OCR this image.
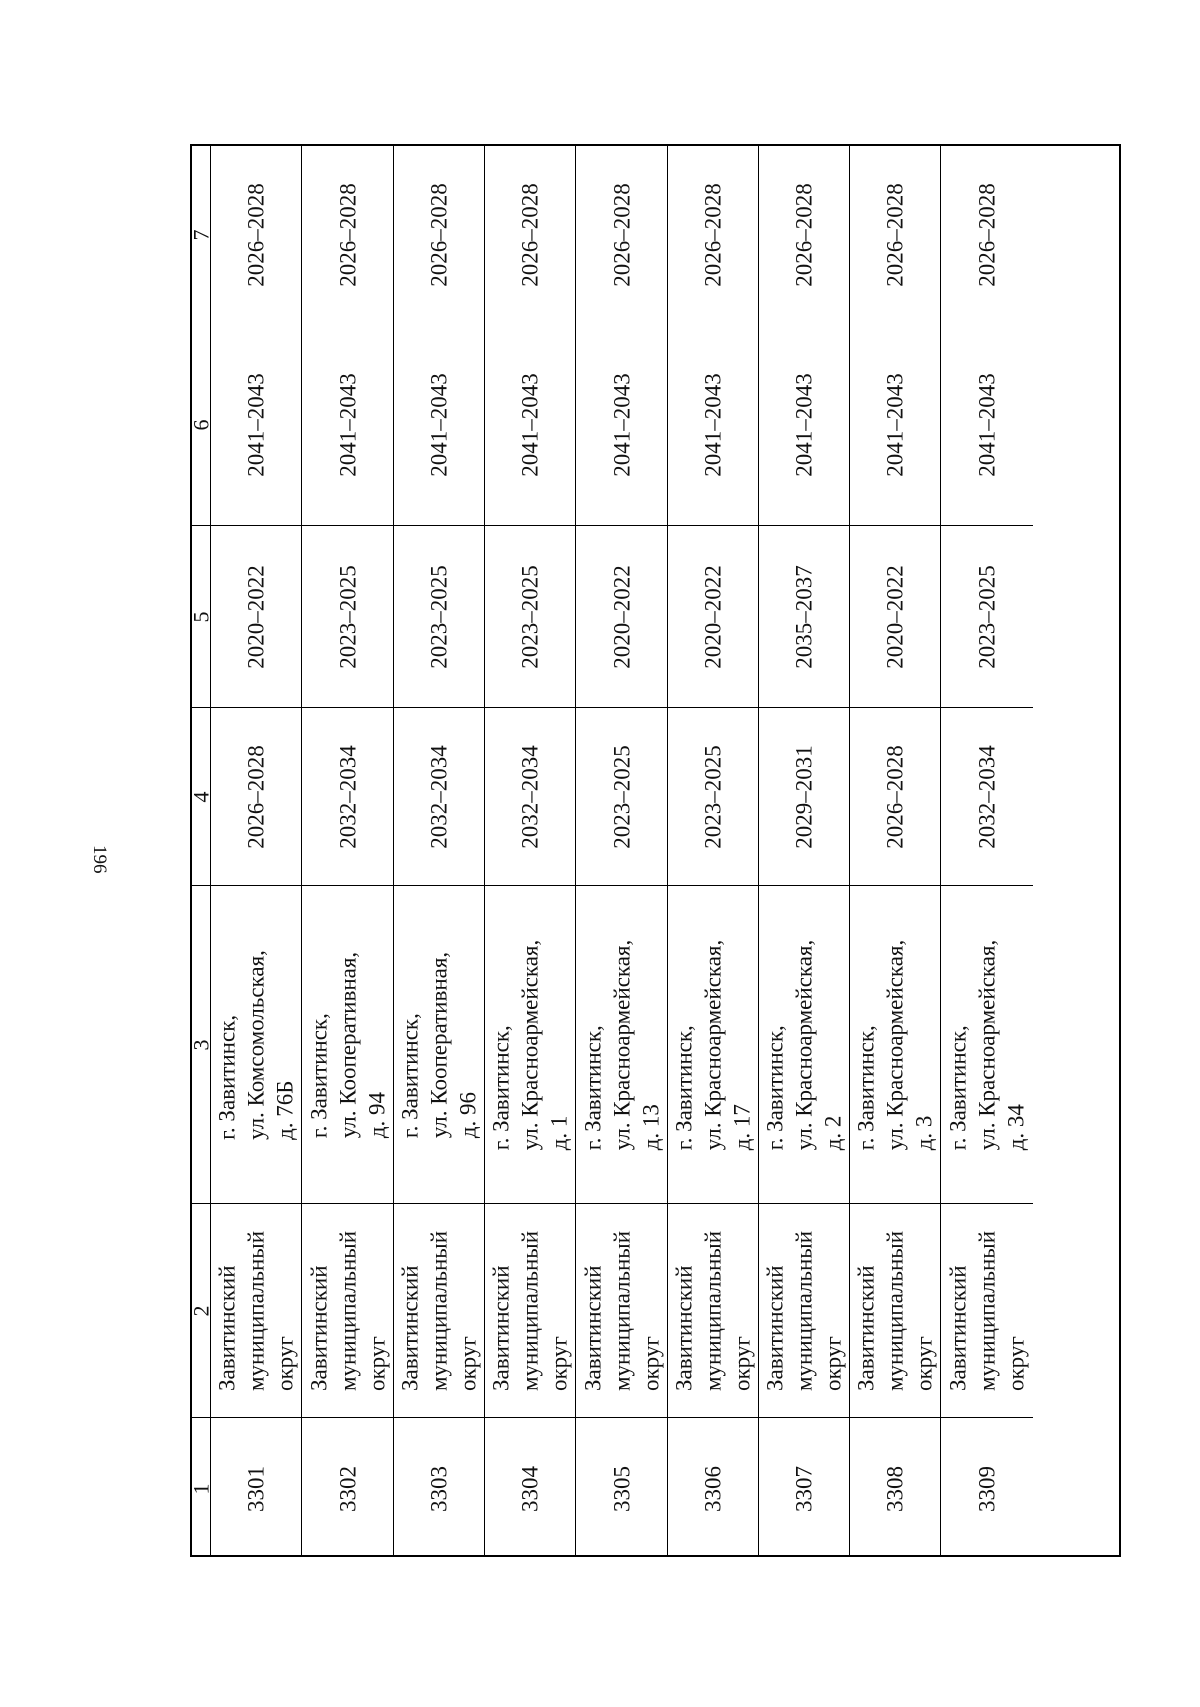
196
1
2
3
4
5
6
7
3301
Завитинский муниципальный округ
г. Завитинск, ул. Комсомольская, д. 76Б
2026–2028
2020–2022
2041–2043
2026–2028
3302
Завитинский муниципальный округ
г. Завитинск, ул. Кооперативная, д. 94
2032–2034
2023–2025
2041–2043
2026–2028
3303
Завитинский муниципальный округ
г. Завитинск, ул. Кооперативная, д. 96
2032–2034
2023–2025
2041–2043
2026–2028
3304
Завитинский муниципальный округ
г. Завитинск, ул. Красноармейская, д. 1
2032–2034
2023–2025
2041–2043
2026–2028
3305
Завитинский муниципальный округ
г. Завитинск, ул. Красноармейская, д. 13
2023–2025
2020–2022
2041–2043
2026–2028
3306
Завитинский муниципальный округ
г. Завитинск, ул. Красноармейская, д. 17
2023–2025
2020–2022
2041–2043
2026–2028
3307
Завитинский муниципальный округ
г. Завитинск, ул. Красноармейская, д. 2
2029–2031
2035–2037
2041–2043
2026–2028
3308
Завитинский муниципальный округ
г. Завитинск, ул. Красноармейская, д. 3
2026–2028
2020–2022
2041–2043
2026–2028
3309
Завитинский муниципальный округ
г. Завитинск, ул. Красноармейская, д. 34
2032–2034
2023–2025
2041–2043
2026–2028
